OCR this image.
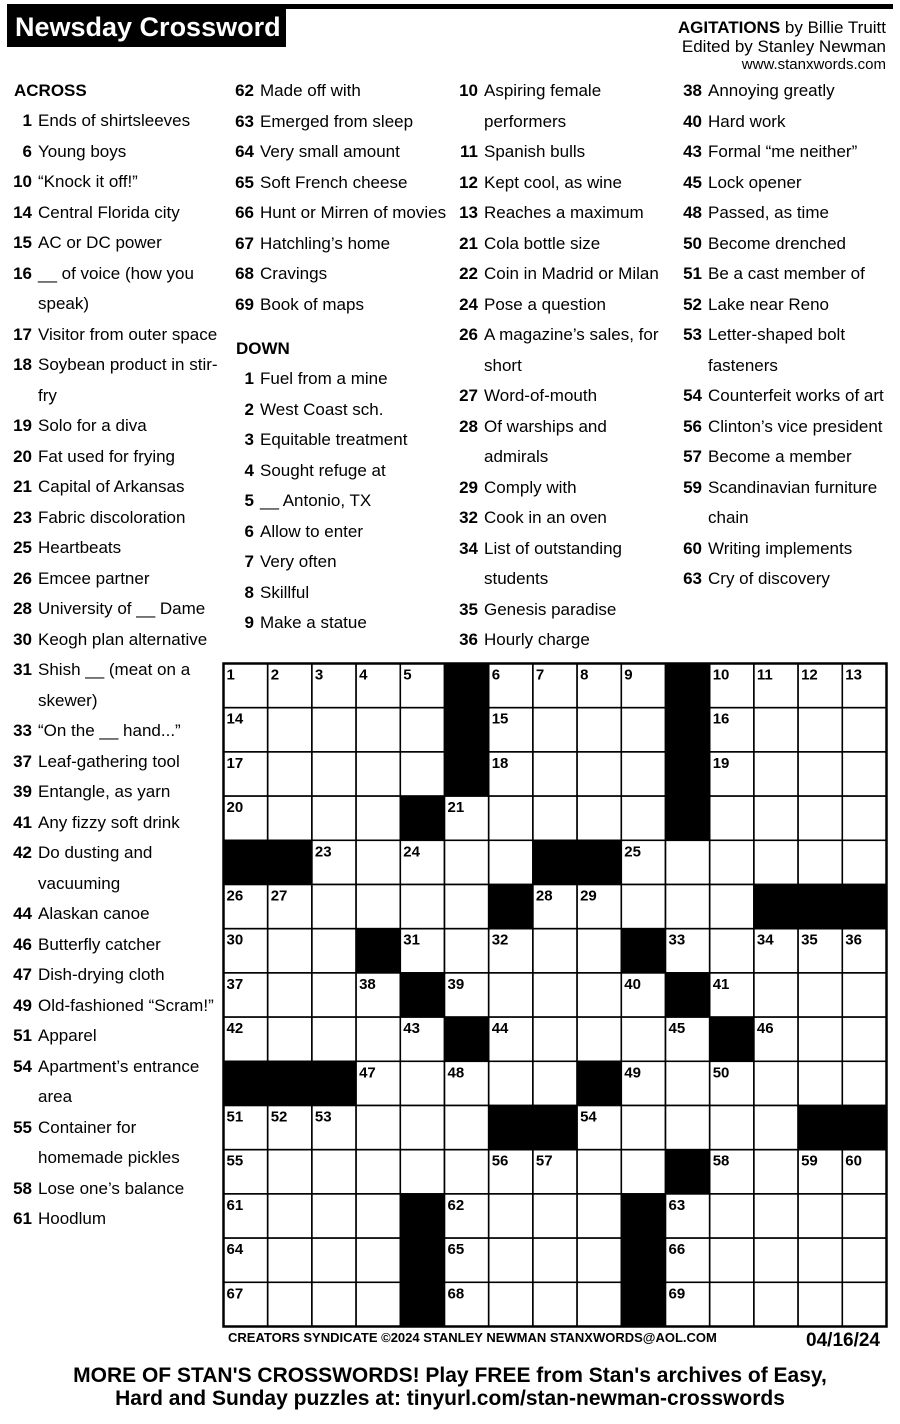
Newsday Crossword	AGITATIONS by Billie Truitt
Edited by Stanley Newman
www.stanxwords.com
ACROSS
1 Ends of shirtsleeves
6 Young boys
10 “Knock it off!”
14 Central Florida city
15 AC or DC power
16 __ of voice (how you speak)
17 Visitor from outer space
18 Soybean product in stir-fry
19 Solo for a diva
20 Fat used for frying
21 Capital of Arkansas
23 Fabric discoloration
25 Heartbeats
26 Emcee partner
28 University of __ Dame
30 Keogh plan alternative
31 Shish __ (meat on a skewer)
33 “On the __ hand...”
37 Leaf-gathering tool
39 Entangle, as yarn
41 Any fizzy soft drink
42 Do dusting and vacuuming
44 Alaskan canoe
46 Butterfly catcher
47 Dish-drying cloth
49 Old-fashioned “Scram!”
51 Apparel
54 Apartment’s entrance area
55 Container for homemade pickles
58 Lose one’s balance
61 Hoodlum
62 Made off with
63 Emerged from sleep
64 Very small amount
65 Soft French cheese
66 Hunt or Mirren of movies
67 Hatchling’s home
68 Cravings
69 Book of maps
DOWN
1 Fuel from a mine
2 West Coast sch.
3 Equitable treatment
4 Sought refuge at
5 __ Antonio, TX
6 Allow to enter
7 Very often
8 Skillful
9 Make a statue
10 Aspiring female performers
11 Spanish bulls
12 Kept cool, as wine
13 Reaches a maximum
21 Cola bottle size
22 Coin in Madrid or Milan
24 Pose a question
26 A magazine’s sales, for short
27 Word-of-mouth
28 Of warships and admirals
29 Comply with
32 Cook in an oven
34 List of outstanding students
35 Genesis paradise
36 Hourly charge
38 Annoying greatly
40 Hard work
43 Formal “me neither”
45 Lock opener
48 Passed, as time
50 Become drenched
51 Be a cast member of
52 Lake near Reno
53 Letter-shaped bolt fasteners
54 Counterfeit works of art
56 Clinton’s vice president
57 Become a member
59 Scandinavian furniture chain
60 Writing implements
63 Cry of discovery
1 2 3 4 5	6 7 8 9	10 11 12 13
14	15	16
17	18	19
20	21	22
23	24	25
26 27	28 29
30	31	32	33	34 35 36
37	38	39	40	41
42	43	44	45	46
47	48	49	50
51 52 53	54
55	56 57	58	59 60
61	62	63
64	65	66
67	68	69
CREATORS SYNDICATE ©2024 STANLEY NEWMAN STANXWORDS@AOL.COM	04/16/24
MORE OF STAN'S CROSSWORDS! Play FREE from Stan's archives of Easy,
Hard and Sunday puzzles at: tinyurl.com/stan-newman-crosswords
